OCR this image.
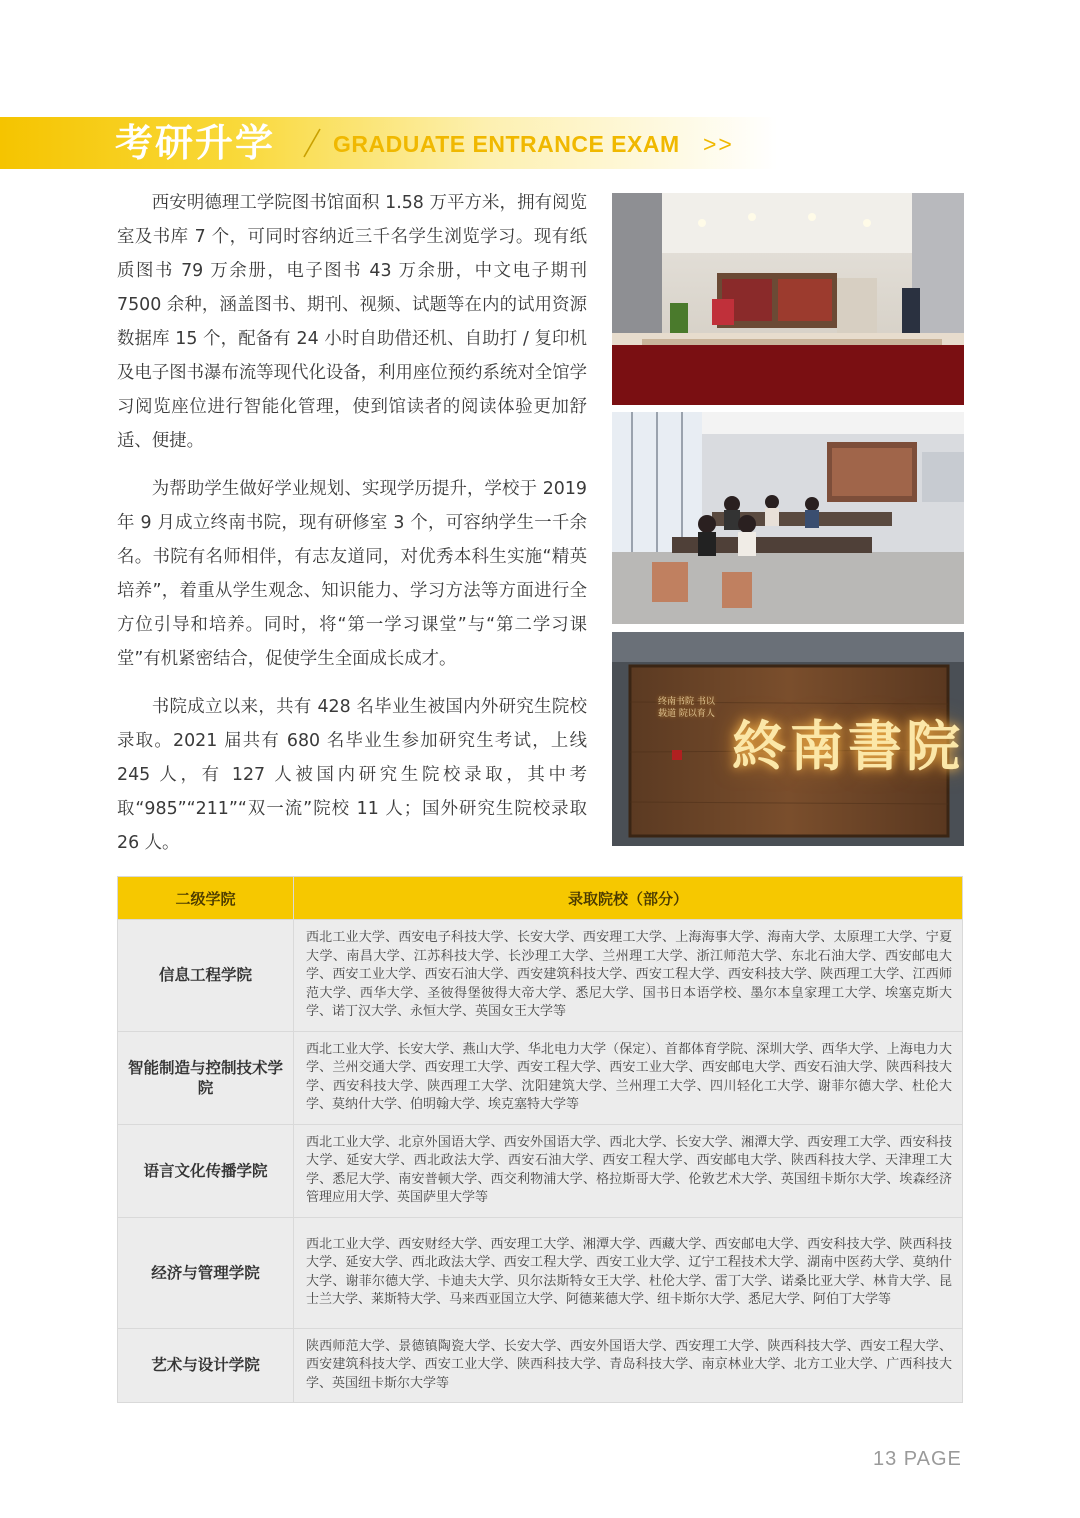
考研升学	GRADUATE ENTRANCE EXAM >>

西安明德理工学院图书馆面积 1.58 万平方米，拥有阅览室及书库 7 个，可同时容纳近三千名学生浏览学习。现有纸质图书 79 万余册，电子图书 43 万余册，中文电子期刊 7500 余种，涵盖图书、期刊、视频、试题等在内的试用资源数据库 15 个，配备有 24 小时自助借还机、自助打 / 复印机及电子图书瀑布流等现代化设备，利用座位预约系统对全馆学习阅览座位进行智能化管理，使到馆读者的阅读体验更加舒适、便捷。

为帮助学生做好学业规划、实现学历提升，学校于 2019 年 9 月成立终南书院，现有研修室 3 个，可容纳学生一千余名。书院有名师相伴，有志友道同，对优秀本科生实施“精英培养”，着重从学生观念、知识能力、学习方法等方面进行全方位引导和培养。同时，将“第一学习课堂”与“第二学习课堂”有机紧密结合，促使学生全面成长成才。

书院成立以来，共有 428 名毕业生被国内外研究生院校录取。2021 届共有 680 名毕业生参加研究生考试，上线 245 人，有 127 人被国内研究生院校录取，其中考取“985”“211”“双一流”院校 11 人；国外研究生院校录取 26 人。

终南书院 书以载道 院以育人 終南書院
二级学院	录取院校（部分）
信息工程学院	西北工业大学、西安电子科技大学、长安大学、西安理工大学、上海海事大学、海南大学、太原理工大学、宁夏大学、南昌大学、江苏科技大学、长沙理工大学、兰州理工大学、浙江师范大学、东北石油大学、西安邮电大学、西安工业大学、西安石油大学、西安建筑科技大学、西安工程大学、西安科技大学、陕西理工大学、江西师范大学、西华大学、圣彼得堡彼得大帝大学、悉尼大学、国书日本语学校、墨尔本皇家理工大学、埃塞克斯大学、诺丁汉大学、永恒大学、英国女王大学等
智能制造与控制技术学院	西北工业大学、长安大学、燕山大学、华北电力大学（保定）、首都体育学院、深圳大学、西华大学、上海电力大学、兰州交通大学、西安理工大学、西安工程大学、西安工业大学、西安邮电大学、西安石油大学、陕西科技大学、西安科技大学、陕西理工大学、沈阳建筑大学、兰州理工大学、四川轻化工大学、谢菲尔德大学、杜伦大学、莫纳什大学、伯明翰大学、埃克塞特大学等
语言文化传播学院	西北工业大学、北京外国语大学、西安外国语大学、西北大学、长安大学、湘潭大学、西安理工大学、西安科技大学、延安大学、西北政法大学、西安石油大学、西安工程大学、西安邮电大学、陕西科技大学、天津理工大学、悉尼大学、南安普顿大学、西交利物浦大学、格拉斯哥大学、伦敦艺术大学、英国纽卡斯尔大学、埃森经济管理应用大学、英国萨里大学等
经济与管理学院	西北工业大学、西安财经大学、西安理工大学、湘潭大学、西藏大学、西安邮电大学、西安科技大学、陕西科技大学、延安大学、西北政法大学、西安工程大学、西安工业大学、辽宁工程技术大学、湖南中医药大学、莫纳什大学、谢菲尔德大学、卡迪夫大学、贝尔法斯特女王大学、杜伦大学、雷丁大学、诺桑比亚大学、林肯大学、昆士兰大学、莱斯特大学、马来西亚国立大学、阿德莱德大学、纽卡斯尔大学、悉尼大学、阿伯丁大学等
艺术与设计学院	陕西师范大学、景德镇陶瓷大学、长安大学、西安外国语大学、西安理工大学、陕西科技大学、西安工程大学、西安建筑科技大学、西安工业大学、陕西科技大学、青岛科技大学、南京林业大学、北方工业大学、广西科技大学、英国纽卡斯尔大学等
13 PAGE
